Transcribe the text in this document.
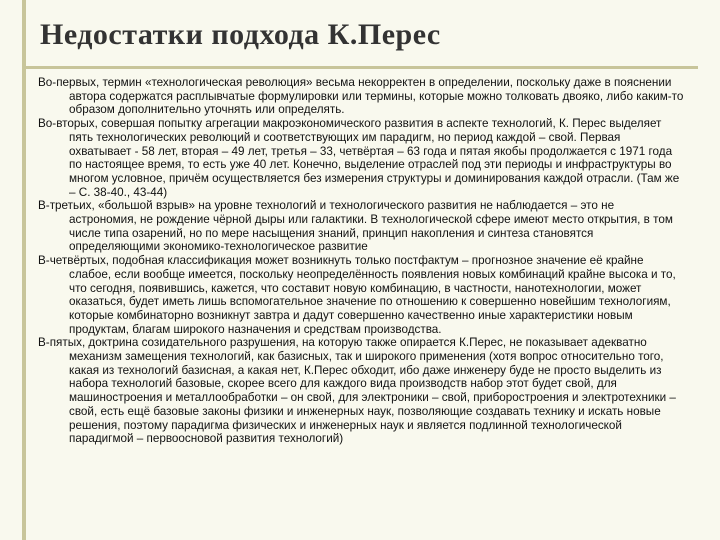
Недостатки подхода К.Перес

Во-первых, термин «технологическая революция» весьма некорректен в определении, поскольку даже в пояснении автора содержатся расплывчатые формулировки или термины, которые можно толковать двояко, либо каким-то образом дополнительно уточнять или определять.

Во-вторых, совершая попытку агрегации макроэкономического развития в аспекте технологий, К. Перес выделяет пять технологических революций и соответствующих им парадигм, но период каждой – свой. Первая охватывает - 58 лет, вторая – 49 лет, третья – 33, четвёртая – 63 года и пятая якобы продолжается с 1971 года по настоящее время, то есть уже 40 лет. Конечно, выделение отраслей под эти периоды и инфраструктуры во многом условное, причём осуществляется без измерения структуры и доминирования каждой отрасли. (Там же – С. 38-40., 43-44)

В-третьих, «большой взрыв» на уровне технологий и технологического развития не наблюдается – это не астрономия, не рождение чёрной дыры или галактики. В технологической сфере имеют место открытия, в том числе типа озарений, но по мере насыщения знаний, принцип накопления и синтеза становятся определяющими экономико-технологическое развитие

В-четвёртых, подобная классификация может возникнуть только постфактум – прогнозное значение её крайне слабое, если вообще имеется, поскольку неопределённость появления новых комбинаций крайне высока и то, что сегодня, появившись, кажется, что составит новую комбинацию, в частности, нанотехнологии, может оказаться, будет иметь лишь вспомогательное значение по отношению к совершенно новейшим технологиям, которые комбинаторно возникнут завтра и дадут совершенно качественно иные характеристики новым продуктам, благам широкого назначения и средствам производства.

В-пятых, доктрина созидательного разрушения, на которую также опирается К.Перес, не показывает адекватно механизм замещения технологий, как базисных, так и широкого применения (хотя вопрос относительно того, какая из технологий базисная, а какая нет, К.Перес обходит, ибо даже инженеру буде не просто выделить из набора технологий базовые, скорее всего для каждого вида производств набор этот будет свой, для машиностроения и металлообработки – он свой, для электроники – свой, приборостроения и электротехники – свой, есть ещё базовые законы физики и инженерных наук, позволяющие создавать технику и искать новые решения, поэтому парадигма физических и инженерных наук и является подлинной технологической парадигмой – первоосновой развития технологий)
